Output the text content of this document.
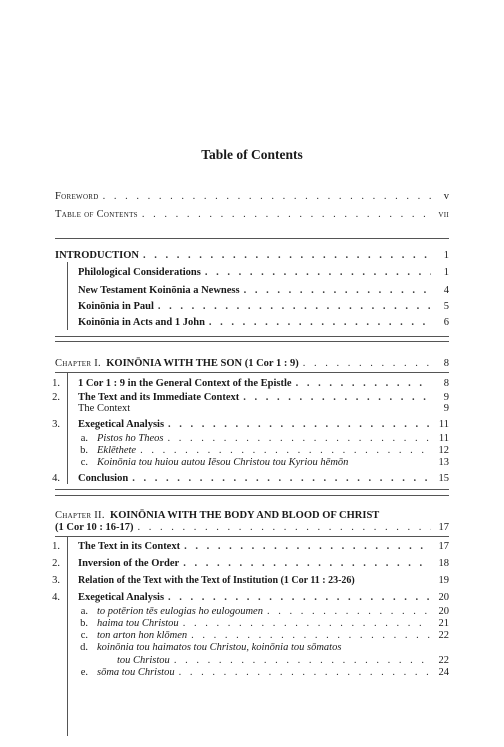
Table of Contents
Foreword . . .	v
Table of Contents . . .	vii
INTRODUCTION . . .	1
Philological Considerations . . .	1
New Testament Koinōnia a Newness . . .	4
Koinōnia in Paul . . .	5
Koinōnia in Acts and 1 John . . .	6
Chapter I. KOINŌNIA WITH THE SON (1 Cor 1 : 9) . . .	8
1. 1 Cor 1 : 9 in the General Context of the Epistle . . .	8
2. The Text and its Immediate Context . . .	9
The Context	9
3. Exegetical Analysis . . .	11
a. Pistos ho Theos . . .	11
b. Eklēthete . . .	12
c. Koinōnia tou huiou autou Iēsou Christou tou Kyriou hēmōn	13
4. Conclusion . . .	15
Chapter II. KOINŌNIA WITH THE BODY AND BLOOD OF CHRIST
(1 Cor 10 : 16-17) . . .	17
1. The Text in its Context . . .	17
2. Inversion of the Order . . .	18
3. Relation of the Text with the Text of Institution (1 Cor 11 : 23-26)	19
4. Exegetical Analysis . . .	20
a. to potērion tēs eulogias ho eulogoumen . . .	20
b. haima tou Christou . . .	21
c. ton arton hon klōmen . . .	22
d. koinōnia tou haimatos tou Christou, koinōnia tou sōmatos
tou Christou . . .	22
e. sōma tou Christou . . .	24
